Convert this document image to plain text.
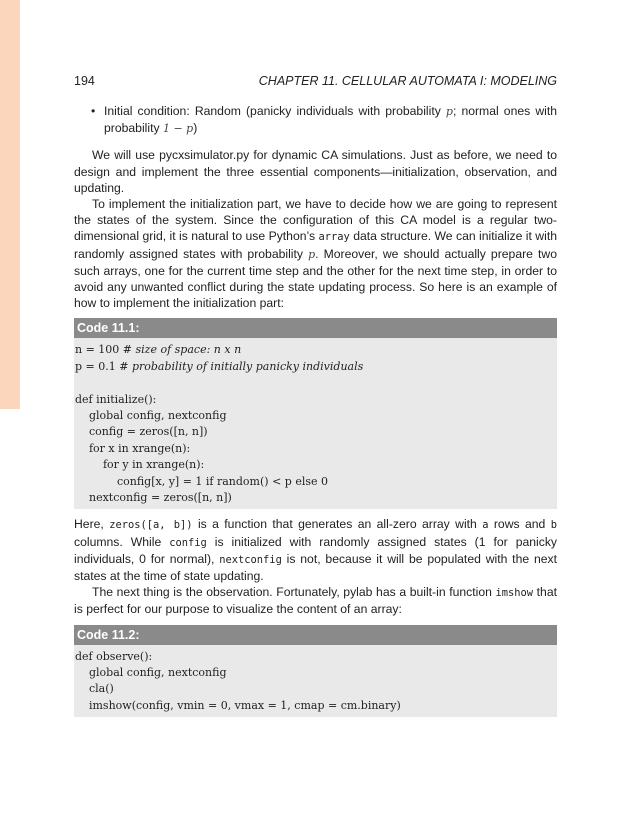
194	CHAPTER 11. CELLULAR AUTOMATA I: MODELING
• Initial condition: Random (panicky individuals with probability p; normal ones with probability 1 − p)

We will use pycxsimulator.py for dynamic CA simulations. Just as before, we need to design and implement the three essential components—initialization, observation, and updating.

To implement the initialization part, we have to decide how we are going to represent the states of the system. Since the configuration of this CA model is a regular two-dimensional grid, it is natural to use Python’s array data structure. We can initialize it with randomly assigned states with probability p. Moreover, we should actually prepare two such arrays, one for the current time step and the other for the next time step, in order to avoid any unwanted conflict during the state updating process. So here is an example of how to implement the initialization part:

Code 11.1:
n = 100 # size of space: n x n
p = 0.1 # probability of initially panicky individuals
def initialize():
global config, nextconfig
config = zeros([n, n])
for x in xrange(n):
for y in xrange(n):
config[x, y] = 1 if random() < p else 0
nextconfig = zeros([n, n])

Here, zeros([a, b]) is a function that generates an all-zero array with a rows and b columns. While config is initialized with randomly assigned states (1 for panicky individuals, 0 for normal), nextconfig is not, because it will be populated with the next states at the time of state updating.

The next thing is the observation. Fortunately, pylab has a built-in function imshow that is perfect for our purpose to visualize the content of an array:

Code 11.2:
def observe():
global config, nextconfig
cla()
imshow(config, vmin = 0, vmax = 1, cmap = cm.binary)
